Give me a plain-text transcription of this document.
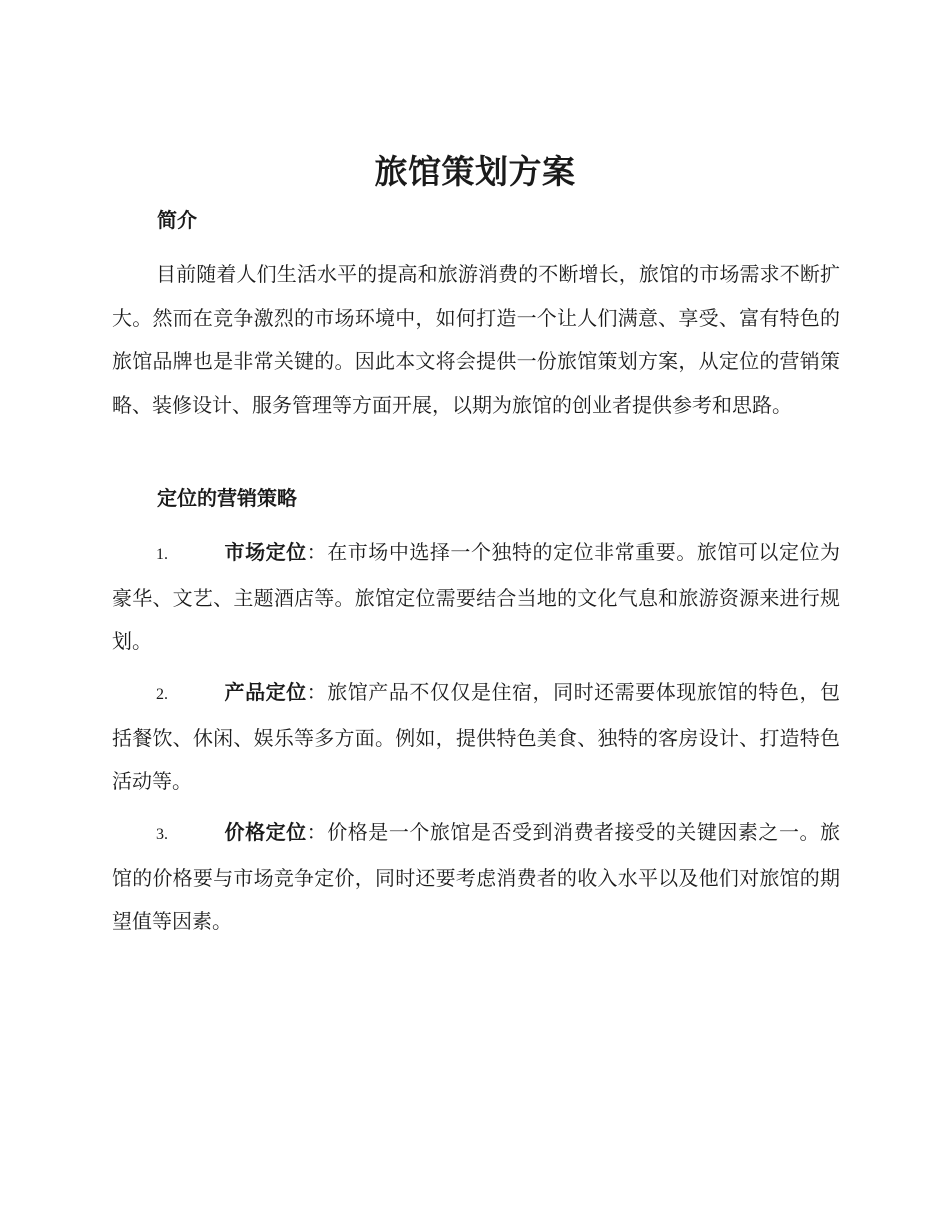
旅馆策划方案
简介

目前随着人们生活水平的提高和旅游消费的不断增长，旅馆的市场需求不断扩大。然而在竞争激烈的市场环境中，如何打造一个让人们满意、享受、富有特色的旅馆品牌也是非常关键的。因此本文将会提供一份旅馆策划方案，从定位的营销策略、装修设计、服务管理等方面开展，以期为旅馆的创业者提供参考和思路。

定位的营销策略

1.	市场定位：在市场中选择一个独特的定位非常重要。旅馆可以定位为豪华、文艺、主题酒店等。旅馆定位需要结合当地的文化气息和旅游资源来进行规划。

2.	产品定位：旅馆产品不仅仅是住宿，同时还需要体现旅馆的特色，包括餐饮、休闲、娱乐等多方面。例如，提供特色美食、独特的客房设计、打造特色活动等。

3.	价格定位：价格是一个旅馆是否受到消费者接受的关键因素之一。旅馆的价格要与市场竞争定价，同时还要考虑消费者的收入水平以及他们对旅馆的期望值等因素。
